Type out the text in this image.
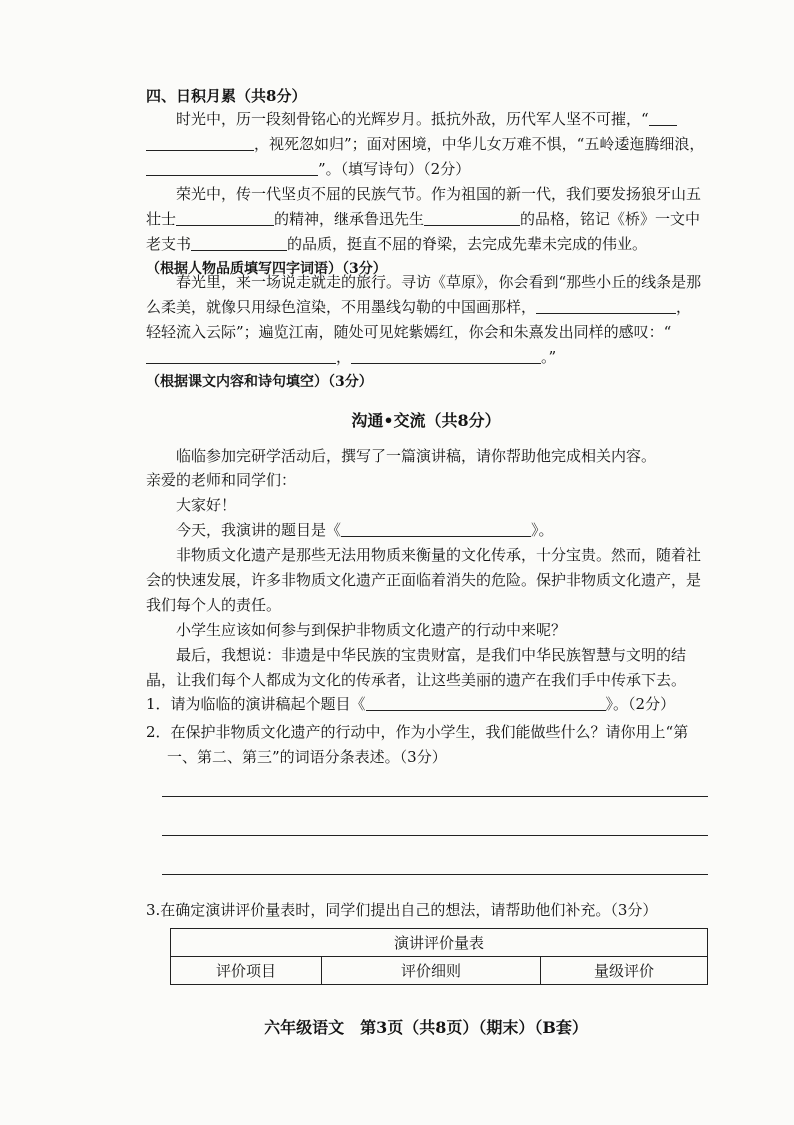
四、日积月累（共8分）
时光中，历一段刻骨铭心的光辉岁月。抵抗外敌，历代军人坚不可摧，“ ，视死忽如归”；面对困境，中华儿女万难不惧，“五岭逶迤腾细浪，”。（填写诗句）（2分）
荣光中，传一代坚贞不屈的民族气节。作为祖国的新一代，我们要发扬狼牙山五壮士	的精神，继承鲁迅先生	的品格，铭记《桥》一文中老支书	的品质，挺直不屈的脊梁，去完成先辈未完成的伟业。
（根据人物品质填写四字词语）（3分）
春光里，来一场说走就走的旅行。寻访《草原》，你会看到“那些小丘的线条是那么柔美，就像只用绿色渲染，不用墨线勾勒的中国画那样，	，轻轻流入云际”；遍览江南，随处可见姹紫嫣红，你会和朱熹发出同样的感叹：“，	。”
（根据课文内容和诗句填空）（3分）
沟通•交流（共8分）
临临参加完研学活动后，撰写了一篇演讲稿，请你帮助他完成相关内容。
亲爱的老师和同学们：
大家好！
今天，我演讲的题目是《	》。
非物质文化遗产是那些无法用物质来衡量的文化传承，十分宝贵。然而，随着社会的快速发展，许多非物质文化遗产正面临着消失的危险。保护非物质文化遗产，是我们每个人的责任。
小学生应该如何参与到保护非物质文化遗产的行动中来呢？
最后，我想说：非遗是中华民族的宝贵财富，是我们中华民族智慧与文明的结晶，让我们每个人都成为文化的传承者，让这些美丽的遗产在我们手中传承下去。
1．请为临临的演讲稿起个题目《	》。（2分）
2．在保护非物质文化遗产的行动中，作为小学生，我们能做些什么？请你用上“第一、第二、第三”的词语分条表述。（3分）
3.在确定演讲评价量表时，同学们提出自己的想法，请帮助他们补充。（3分）
演讲评价量表
评价项目	评价细则	量级评价
六年级语文　第3页（共8页）（期末）（B套）
